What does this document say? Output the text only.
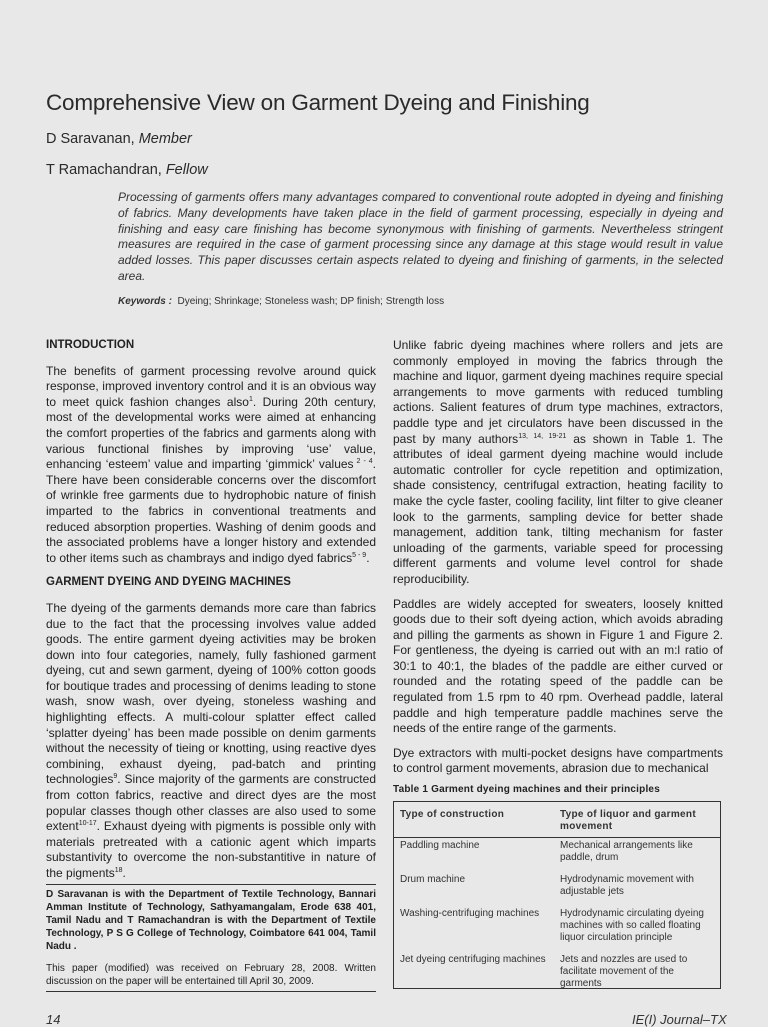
Comprehensive View on Garment Dyeing and Finishing
D Saravanan, Member
T Ramachandran, Fellow
Processing of garments offers many advantages compared to conventional route adopted in dyeing and finishing of fabrics. Many developments have taken place in the field of garment processing, especially in dyeing and finishing and easy care finishing has become synonymous with finishing of garments. Nevertheless stringent measures are required in the case of garment processing since any damage at this stage would result in value added losses. This paper discusses certain aspects related to dyeing and finishing of garments, in the selected area.
Keywords : Dyeing; Shrinkage; Stoneless wash; DP finish; Strength loss
INTRODUCTION

The benefits of garment processing revolve around quick response, improved inventory control and it is an obvious way to meet quick fashion changes also$^1$. During 20th century, most of the developmental works were aimed at enhancing the comfort properties of the fabrics and garments along with various functional finishes by improving ‘use’ value, enhancing ‘esteem’ value and imparting ‘gimmick’ values $^{2 - 4}$. There have been considerable concerns over the discomfort of wrinkle free garments due to hydrophobic nature of finish imparted to the fabrics in conventional treatments and reduced absorption properties. Washing of denim goods and the associated problems have a longer history and extended to other items such as chambrays and indigo dyed fabrics$^{5 - 9}$.

GARMENT DYEING AND DYEING MACHINES

The dyeing of the garments demands more care than fabrics due to the fact that the processing involves value added goods. The entire garment dyeing activities may be broken down into four categories, namely, fully fashioned garment dyeing, cut and sewn garment, dyeing of 100% cotton goods for boutique trades and processing of denims leading to stone wash, snow wash, over dyeing, stoneless washing and highlighting effects. A multi-colour splatter effect called ‘splatter dyeing’ has been made possible on denim garments without the necessity of tieing or knotting, using reactive dyes combining, exhaust dyeing, pad-batch and printing technologies$^9$. Since majority of the garments are constructed from cotton fabrics, reactive and direct dyes are the most popular classes though other classes are also used to some extent$^{10-17}$. Exhaust dyeing with pigments is possible only with materials pretreated with a cationic agent which imparts substantivity to overcome the non-substantitive in nature of the pigments$^{18}$.

D Saravanan is with the Department of Textile Technology, Bannari Amman Institute of Technology, Sathyamangalam, Erode 638 401, Tamil Nadu and T Ramachandran is with the Department of Textile Technology, P S G College of Technology, Coimbatore 641 004, Tamil Nadu .
This paper (modified) was received on February 28, 2008. Written discussion on the paper will be entertained till April 30, 2009.

Unlike fabric dyeing machines where rollers and jets are commonly employed in moving the fabrics through the machine and liquor, garment dyeing machines require special arrangements to move garments with reduced tumbling actions. Salient features of drum type machines, extractors, paddle type and jet circulators have been discussed in the past by many authors$^{13, 14, 19-21}$ as shown in Table 1. The attributes of ideal garment dyeing machine would include automatic controller for cycle repetition and optimization, shade consistency, centrifugal extraction, heating facility to make the cycle faster, cooling facility, lint filter to give cleaner look to the garments, sampling device for better shade management, addition tank, tilting mechanism for faster unloading of the garments, variable speed for processing different garments and volume level control for shade reproducibility.

Paddles are widely accepted for sweaters, loosely knitted goods due to their soft dyeing action, which avoids abrading and pilling the garments as shown in Figure 1 and Figure 2. For gentleness, the dyeing is carried out with an m:l ratio of 30:1 to 40:1, the blades of the paddle are either curved or rounded and the rotating speed of the paddle can be regulated from 1.5 rpm to 40 rpm. Overhead paddle, lateral paddle and high temperature paddle machines serve the needs of the entire range of the garments.

Dye extractors with multi-pocket designs have compartments to control garment movements, abrasion due to mechanical

Table 1 Garment dyeing machines and their principles
Type of construction	Type of liquor and garment movement
Paddling machine	Mechanical arrangements like paddle, drum
Drum machine	Hydrodynamic movement with adjustable jets
Washing-centrifuging machines	Hydrodynamic circulating dyeing machines with so called floating liquor circulation principle
Jet dyeing centrifuging machines	Jets and nozzles are used to facilitate movement of the garments
14	IE(I) Journal–TX
